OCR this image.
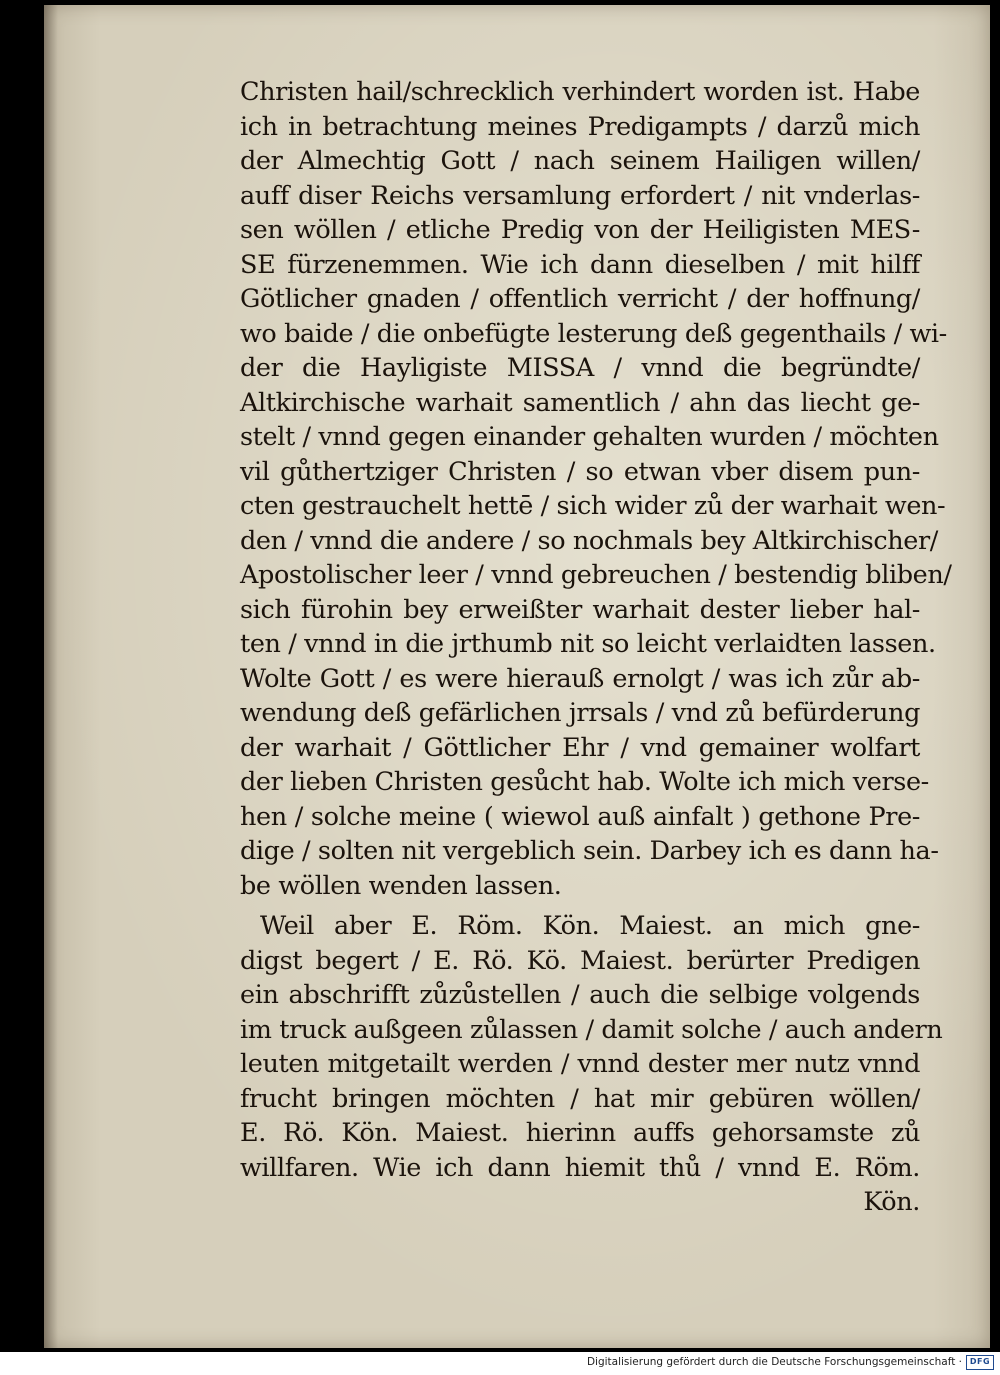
Christen hail/schrecklich verhindert worden ist. Habe
ich in betrachtung meines Predigampts / darzů mich
der Almechtig Gott / nach seinem Hailigen willen/
auff diser Reichs versamlung erfordert / nit vnderlas-
sen wöllen / etliche Predig von der Heiligisten MES-
SE fürzenemmen. Wie ich dann dieselben / mit hilff
Götlicher gnaden / offentlich verricht / der hoffnung/
wo baide / die onbefügte lesterung deß gegenthails / wi-
der die Hayligiste MISSA / vnnd die begründte/
Altkirchische warhait samentlich / ahn das liecht ge-
stelt / vnnd gegen einander gehalten wurden / möchten
vil gůthertziger Christen / so etwan vber disem pun-
cten gestrauchelt hettē / sich wider zů der warhait wen-
den / vnnd die andere / so nochmals bey Altkirchischer/
Apostolischer leer / vnnd gebreuchen / bestendig bliben/
sich fürohin bey erweißter warhait dester lieber hal-
ten / vnnd in die jrthumb nit so leicht verlaidten lassen.
Wolte Gott / es were hierauß ernolgt / was ich zůr ab-
wendung deß gefärlichen jrrsals / vnd zů befürderung
der warhait / Göttlicher Ehr / vnd gemainer wolfart
der lieben Christen gesůcht hab. Wolte ich mich verse-
hen / solche meine ( wiewol auß ainfalt ) gethone Pre-
dige / solten nit vergeblich sein. Darbey ich es dann ha-
be wöllen wenden lassen.
Weil aber E. Röm. Kön. Maiest. an mich gne-
digst begert / E. Rö. Kö. Maiest. berürter Predigen
ein abschrifft zůzůstellen / auch die selbige volgends
im truck außgeen zůlassen / damit solche / auch andern
leuten mitgetailt werden / vnnd dester mer nutz vnnd
frucht bringen möchten / hat mir gebüren wöllen/
E. Rö. Kön. Maiest. hierinn auffs gehorsamste zů
willfaren. Wie ich dann hiemit thů / vnnd E. Röm.
Kön.
Digitalisierung gefördert durch die Deutsche Forschungsgemeinschaft · DFG
